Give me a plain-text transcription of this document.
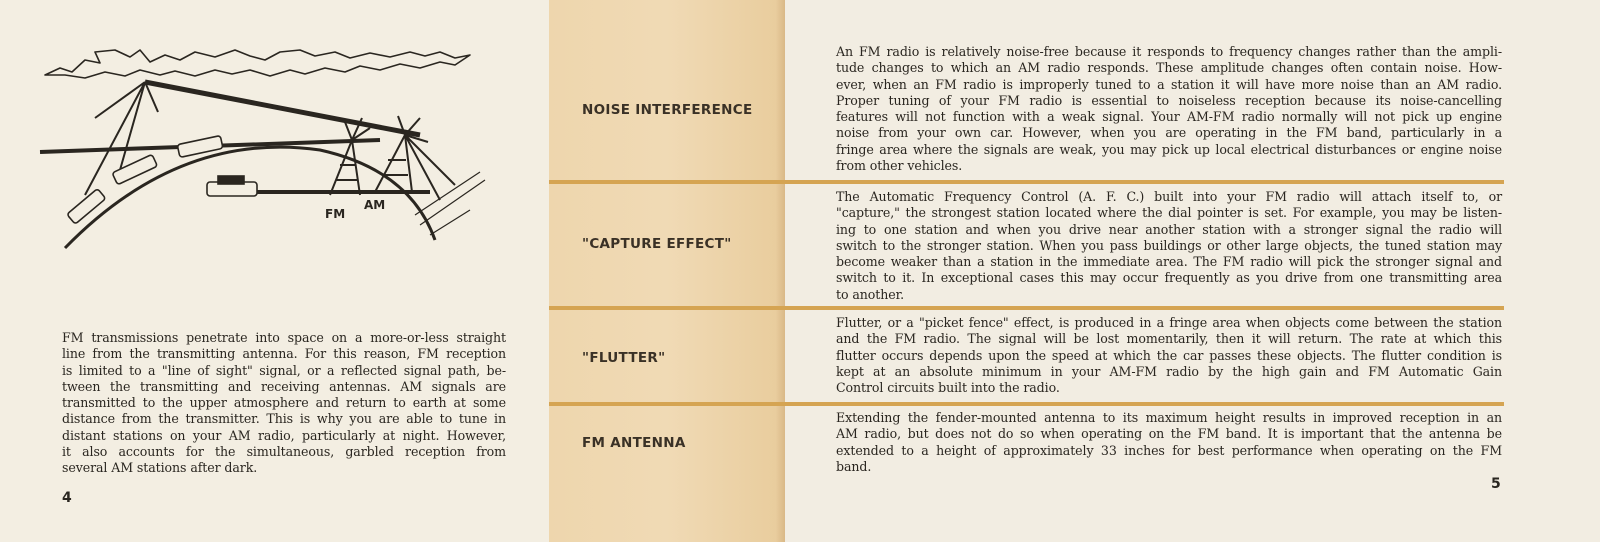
FM
AM
FM transmissions penetrate into space on a more-or-less straight
line from the transmitting antenna. For this reason, FM reception
is limited to a "line of sight" signal, or a reflected signal path, be-
tween the transmitting and receiving antennas. AM signals are
transmitted to the upper atmosphere and return to earth at some
distance from the transmitter. This is why you are able to tune in
distant stations on your AM radio, particularly at night. However,
it also accounts for the simultaneous, garbled reception from
several AM stations after dark.
4
NOISE INTERFERENCE
"CAPTURE EFFECT"
"FLUTTER"
FM ANTENNA
An FM radio is relatively noise-free because it responds to frequency changes rather than the ampli-
tude changes to which an AM radio responds. These amplitude changes often contain noise. How-
ever, when an FM radio is improperly tuned to a station it will have more noise than an AM radio.
Proper tuning of your FM radio is essential to noiseless reception because its noise-cancelling
features will not function with a weak signal. Your AM-FM radio normally will not pick up engine
noise from your own car. However, when you are operating in the FM band, particularly in a
fringe area where the signals are weak, you may pick up local electrical disturbances or engine noise
from other vehicles.
The Automatic Frequency Control (A. F. C.) built into your FM radio will attach itself to, or
"capture," the strongest station located where the dial pointer is set. For example, you may be listen-
ing to one station and when you drive near another station with a stronger signal the radio will
switch to the stronger station. When you pass buildings or other large objects, the tuned station may
become weaker than a station in the immediate area. The FM radio will pick the stronger signal and
switch to it. In exceptional cases this may occur frequently as you drive from one transmitting area
to another.
Flutter, or a "picket fence" effect, is produced in a fringe area when objects come between the station
and the FM radio. The signal will be lost momentarily, then it will return. The rate at which this
flutter occurs depends upon the speed at which the car passes these objects. The flutter condition is
kept at an absolute minimum in your AM-FM radio by the high gain and FM Automatic Gain
Control circuits built into the radio.
Extending the fender-mounted antenna to its maximum height results in improved reception in an
AM radio, but does not do so when operating on the FM band. It is important that the antenna be
extended to a height of approximately 33 inches for best performance when operating on the FM
band.
5
